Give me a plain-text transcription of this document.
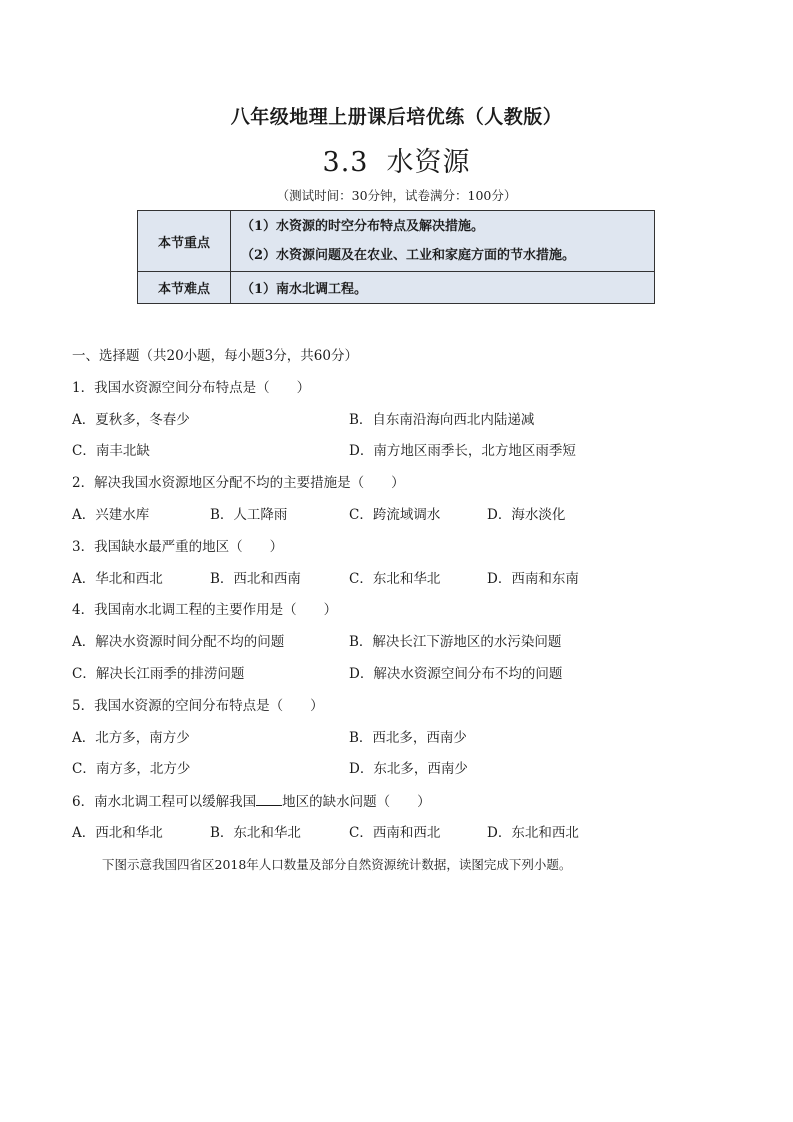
八年级地理上册课后培优练（人教版）
3.3 水资源
（测试时间：30分钟，试卷满分：100分）
本节重点	（1）水资源的时空分布特点及解决措施。
（2）水资源问题及在农业、工业和家庭方面的节水措施。

本节难点	（1）南水北调工程。
一、选择题（共20小题，每小题3分，共60分）
1．我国水资源空间分布特点是（　　）
A．夏秋多，冬春少	B．自东南沿海向西北内陆递减
C．南丰北缺	D．南方地区雨季长，北方地区雨季短
2．解决我国水资源地区分配不均的主要措施是（　　）
A．兴建水库	B．人工降雨	C．跨流域调水	D．海水淡化
3．我国缺水最严重的地区（　　）
A．华北和西北	B．西北和西南	C．东北和华北	D．西南和东南
4．我国南水北调工程的主要作用是（　　）
A．解决水资源时间分配不均的问题	B．解决长江下游地区的水污染问题
C．解决长江雨季的排涝问题	D．解决水资源空间分布不均的问题
5．我国水资源的空间分布特点是（　　）
A．北方多，南方少	B．西北多，西南少
C．南方多，北方少	D．东北多，西南少
6．南水北调工程可以缓解我国 地区的缺水问题（　　）
A．西北和华北	B．东北和华北	C．西南和西北	D．东北和西北
下图示意我国四省区2018年人口数量及部分自然资源统计数据，读图完成下列小题。
